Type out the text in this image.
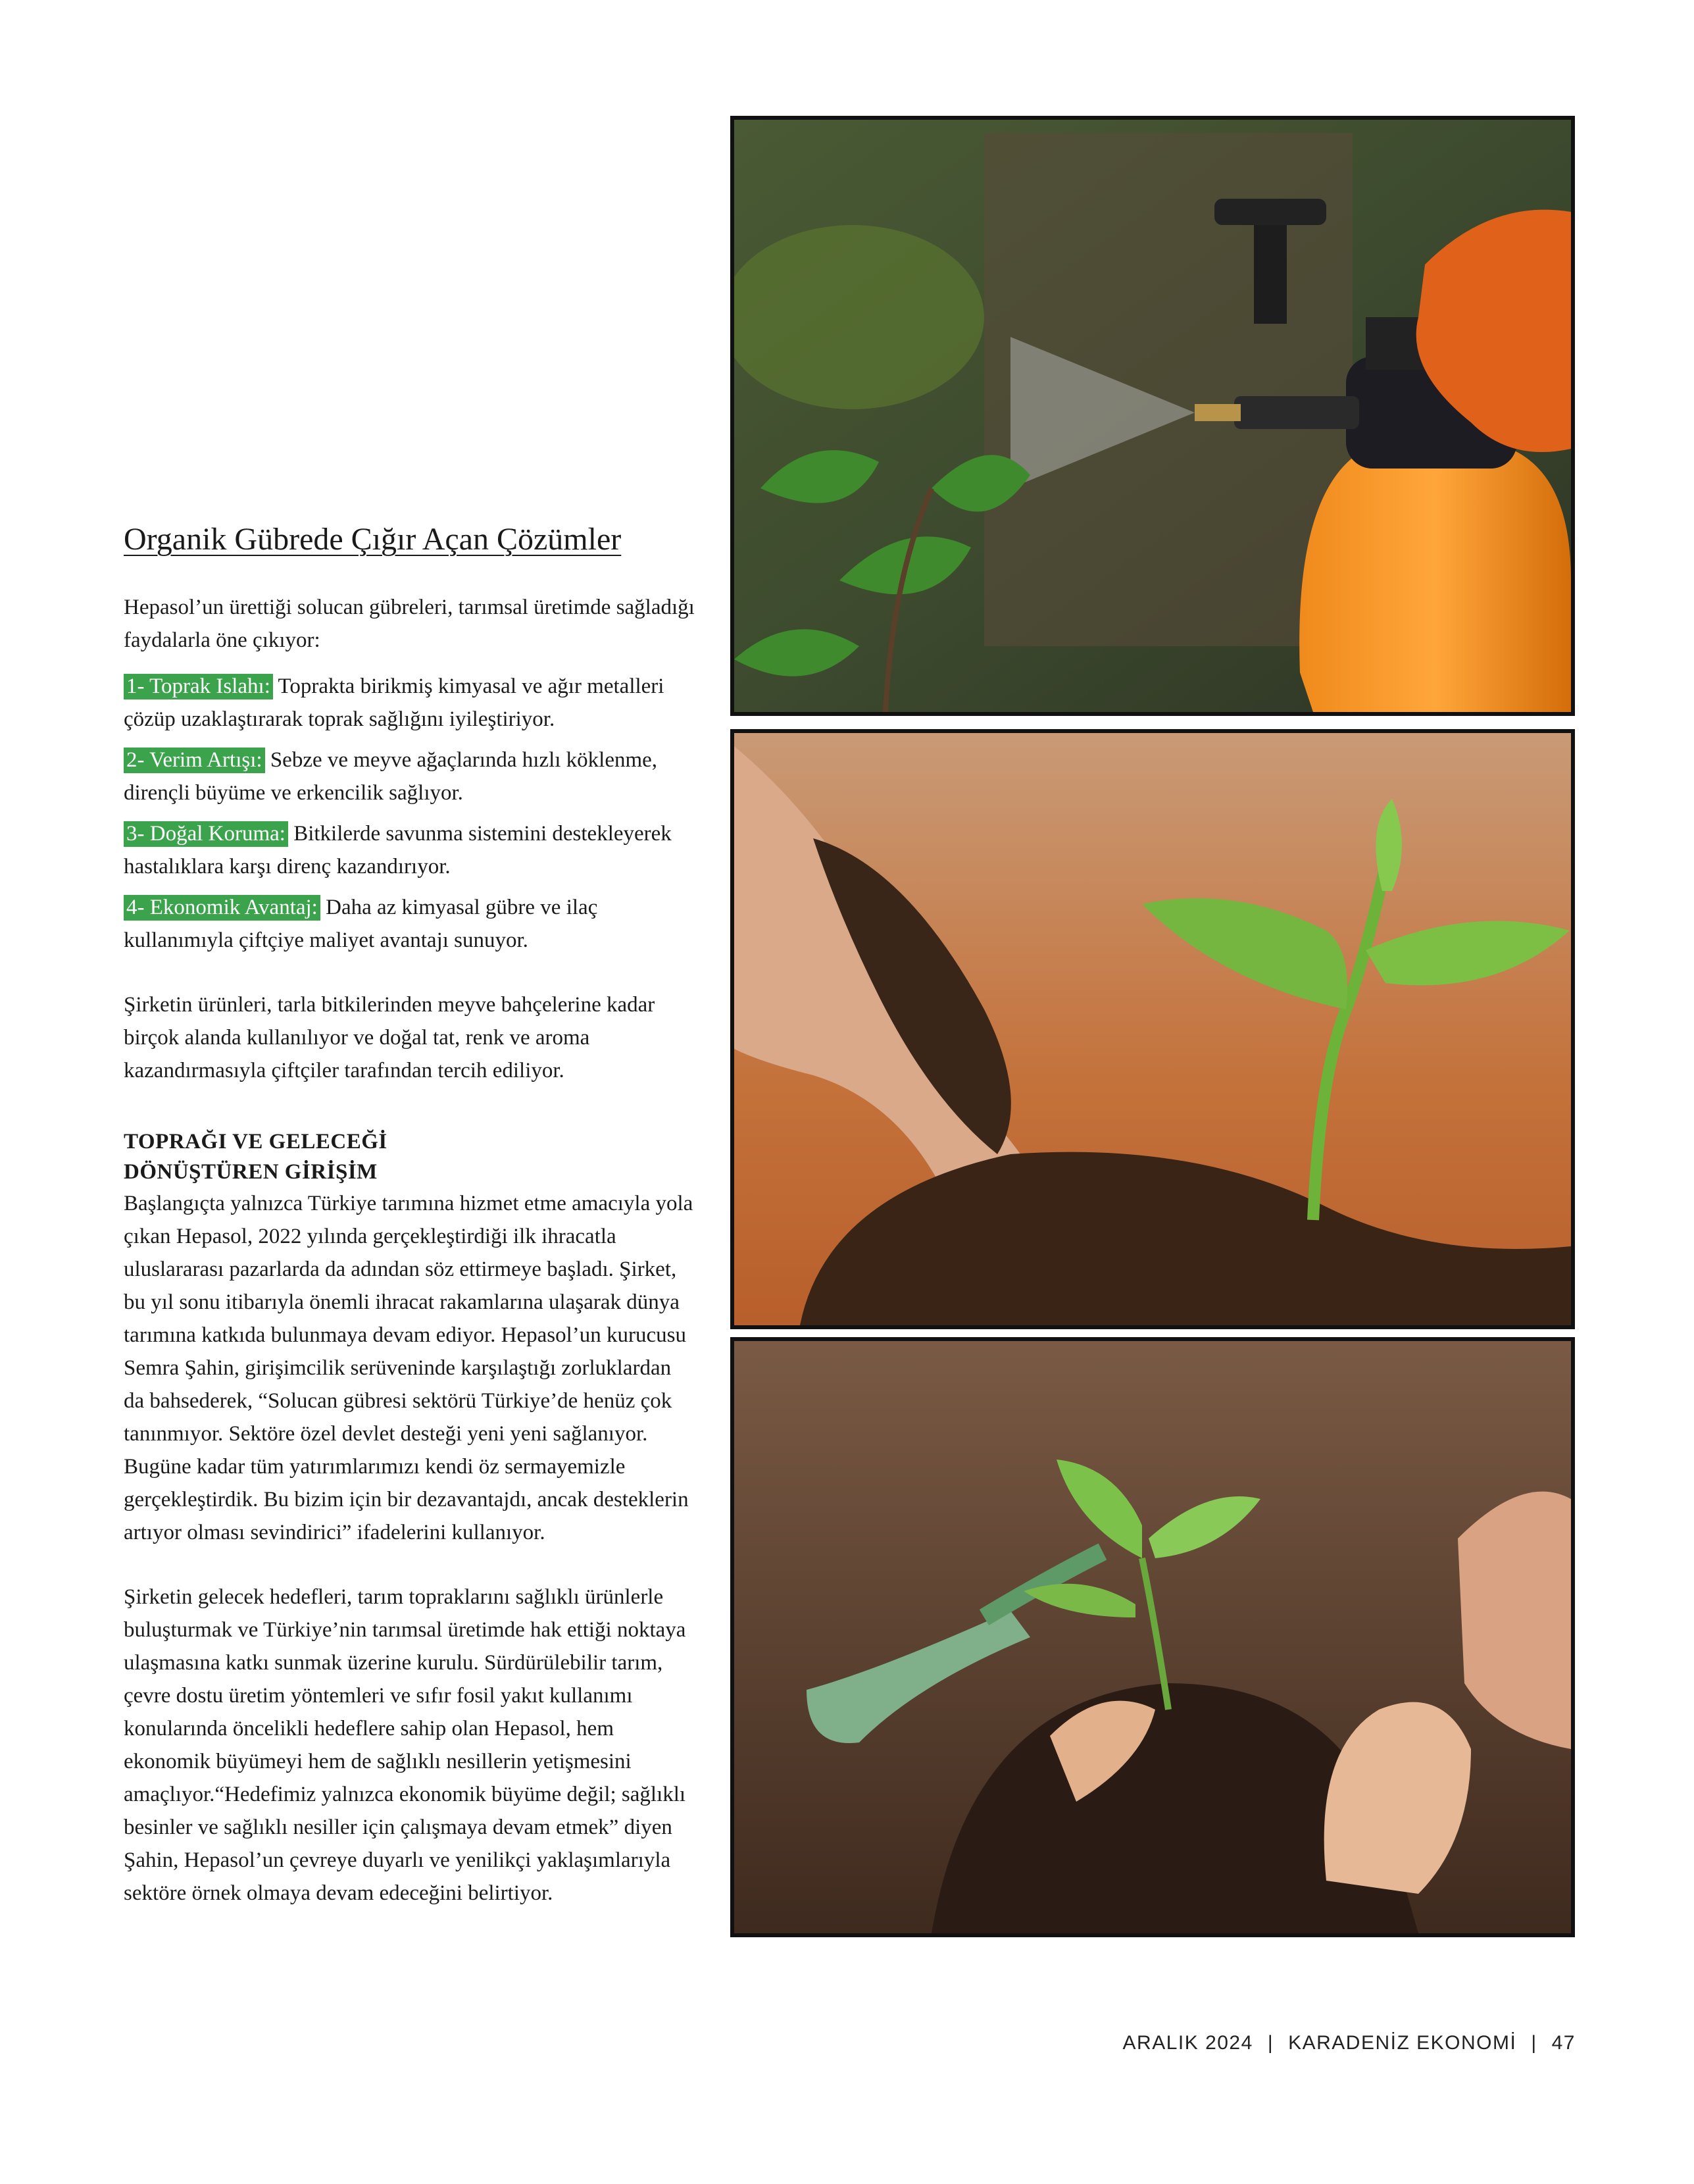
Organik Gübrede Çığır Açan Çözümler

Hepasol’un ürettiği solucan gübreleri, tarımsal üretimde sağladığı faydalarla öne çıkıyor:

1- Toprak Islahı: Toprakta birikmiş kimyasal ve ağır metalleri çözüp uzaklaştırarak toprak sağlığını iyileştiriyor.

2- Verim Artışı: Sebze ve meyve ağaçlarında hızlı köklenme, dirençli büyüme ve erkencilik sağlıyor.

3- Doğal Koruma: Bitkilerde savunma sistemini destekleyerek hastalıklara karşı direnç kazandırıyor.

4- Ekonomik Avantaj: Daha az kimyasal gübre ve ilaç kullanımıyla çiftçiye maliyet avantajı sunuyor.

Şirketin ürünleri, tarla bitkilerinden meyve bahçelerine kadar birçok alanda kullanılıyor ve doğal tat, renk ve aroma kazandırmasıyla çiftçiler tarafından tercih ediliyor.

TOPRAĞI VE GELECEĞİ
DÖNÜŞTÜREN GİRİŞİM

Başlangıçta yalnızca Türkiye tarımına hizmet etme amacıyla yola çıkan Hepasol, 2022 yılında gerçekleştirdiği ilk ihracatla uluslararası pazarlarda da adından söz ettirmeye başladı. Şirket, bu yıl sonu itibarıyla önemli ihracat rakamlarına ulaşarak dünya tarımına katkıda bulunmaya devam ediyor. Hepasol’un kurucusu Semra Şahin, girişimcilik serüveninde karşılaştığı zorluklardan da bahsederek, “Solucan gübresi sektörü Türkiye’de henüz çok tanınmıyor. Sektöre özel devlet desteği yeni yeni sağlanıyor. Bugüne kadar tüm yatırımlarımızı kendi öz sermayemizle gerçekleştirdik. Bu bizim için bir dezavantajdı, ancak desteklerin artıyor olması sevindirici” ifadelerini kullanıyor.

Şirketin gelecek hedefleri, tarım topraklarını sağlıklı ürünlerle buluşturmak ve Türkiye’nin tarımsal üretimde hak ettiği noktaya ulaşmasına katkı sunmak üzerine kurulu. Sürdürülebilir tarım, çevre dostu üretim yöntemleri ve sıfır fosil yakıt kullanımı konularında öncelikli hedeflere sahip olan Hepasol, hem ekonomik büyümeyi hem de sağlıklı nesillerin yetişmesini amaçlıyor.“Hedefimiz yalnızca ekonomik büyüme değil; sağlıklı besinler ve sağlıklı nesiller için çalışmaya devam etmek” diyen Şahin, Hepasol’un çevreye duyarlı ve yenilikçi yaklaşımlarıyla sektöre örnek olmaya devam edeceğini belirtiyor.

ARALIK 2024 | KARADENİZ EKONOMİ | 47
